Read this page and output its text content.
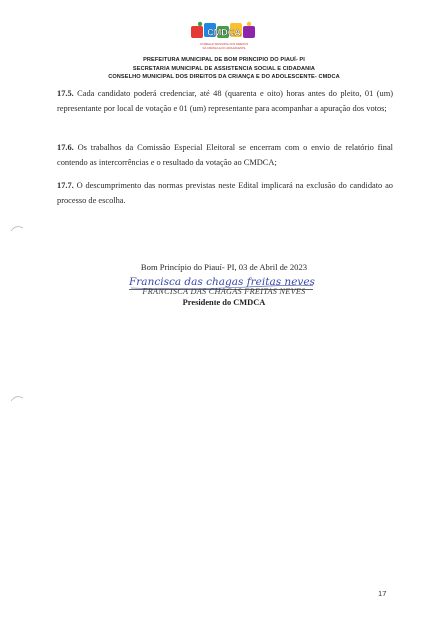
CMDCA
CONSELHO MUNICIPAL DOS DIREITOS
DA CRIANÇA E DO ADOLESCENTE
PREFEITURA MUNICIPAL DE BOM PRINCIPIO DO PIAUÍ- PI
SECRETARIA MUNICIPAL DE ASSISTENCIA SOCIAL E CIDADANIA
CONSELHO MUNICIPAL DOS DIREITOS DA CRIANÇA E DO ADOLESCENTE- CMDCA
17.5. Cada candidato poderá credenciar, até 48 (quarenta e oito) horas antes do pleito, 01 (um) representante por local de votação e 01 (um) representante para acompanhar a apuração dos votos;
17.6. Os trabalhos da Comissão Especial Eleitoral se encerram com o envio de relatório final contendo as intercorrências e o resultado da votação ao CMDCA;
17.7. O descumprimento das normas previstas neste Edital implicará na exclusão do candidato ao processo de escolha.
Bom Princípio do Piauí- PI, 03 de Abril de 2023
Francisca das chagas freitas neves
FRANCISCA DAS CHAGAS FREITAS NEVES
Presidente do CMDCA
17
